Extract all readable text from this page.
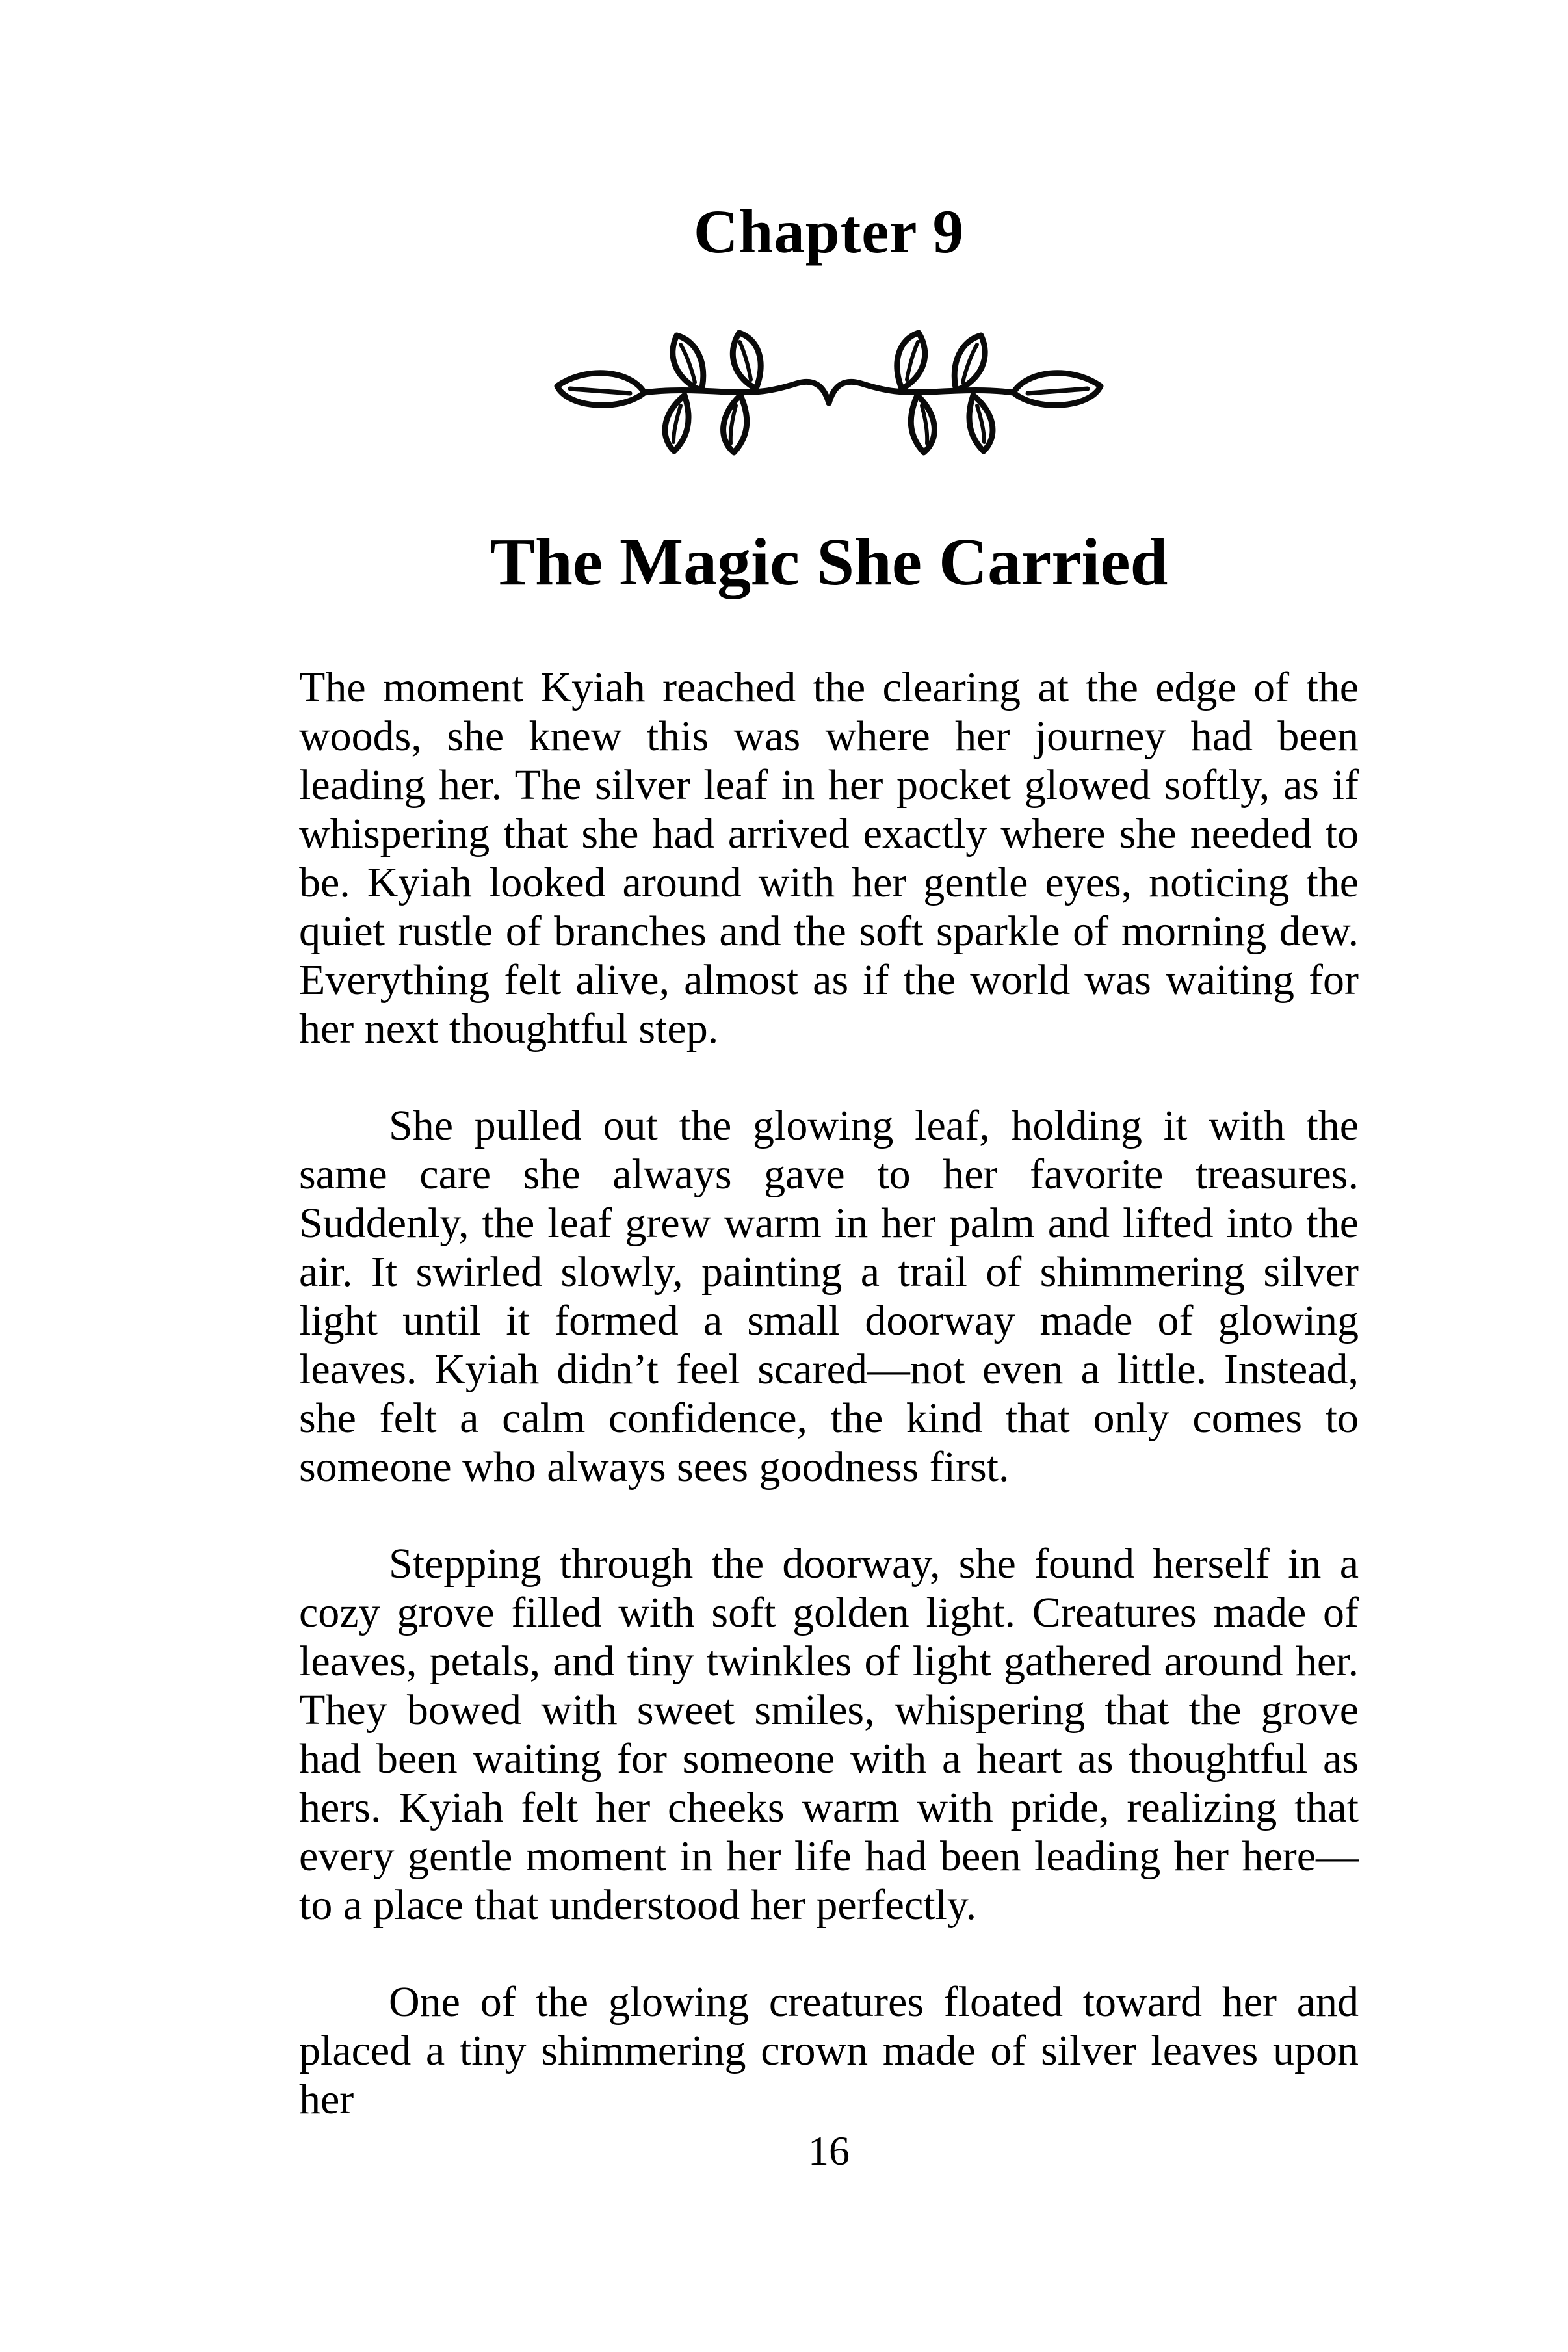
Chapter 9
The Magic She Carried

The moment Kyiah reached the clearing at the edge of the woods, she knew this was where her journey had been leading her. The silver leaf in her pocket glowed softly, as if whispering that she had arrived exactly where she needed to be. Kyiah looked around with her gentle eyes, noticing the quiet rustle of branches and the soft sparkle of morning dew. Everything felt alive, almost as if the world was waiting for her next thoughtful step.

She pulled out the glowing leaf, holding it with the same care she always gave to her favorite treasures. Suddenly, the leaf grew warm in her palm and lifted into the air. It swirled slowly, painting a trail of shimmering silver light until it formed a small doorway made of glowing leaves. Kyiah didn’t feel scared—not even a little. Instead, she felt a calm confidence, the kind that only comes to someone who always sees goodness first.

Stepping through the doorway, she found herself in a cozy grove filled with soft golden light. Creatures made of leaves, petals, and tiny twinkles of light gathered around her. They bowed with sweet smiles, whispering that the grove had been waiting for someone with a heart as thoughtful as hers. Kyiah felt her cheeks warm with pride, realizing that every gentle moment in her life had been leading her here—to a place that understood her perfectly.

One of the glowing creatures floated toward her and placed a tiny shimmering crown made of silver leaves upon her

16
